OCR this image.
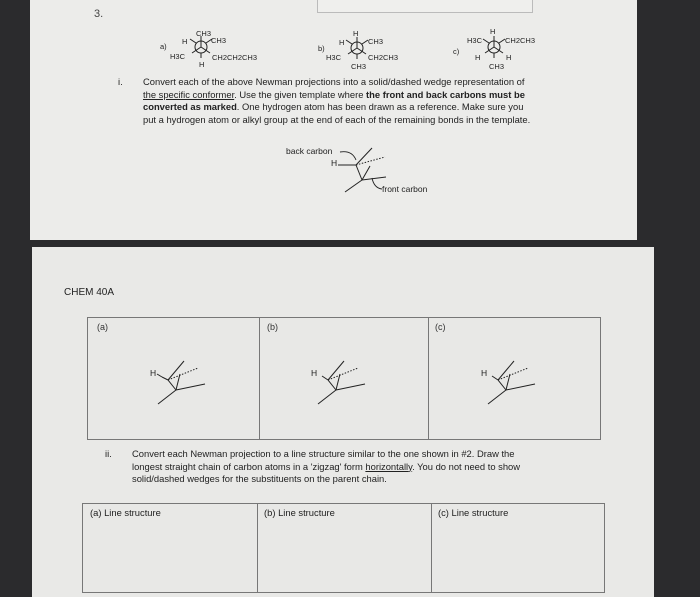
3.
a)
CH3
H	CH3
H3C	CH2CH2CH3
H
b)
H
H	CH3
H3C	CH2CH3
CH3
c)
H
H3C	CH2CH3
H	H
CH3
i. Convert each of the above Newman projections into a solid/dashed wedge representation of
the specific conformer. Use the given template where the front and back carbons must be
converted as marked. One hydrogen atom has been drawn as a reference. Make sure you
put a hydrogen atom or alkyl group at the end of each of the remaining bonds in the template.
back carbon
front carbon
H
CHEM 40A
(a)
H
(b)
H
(c)
H
ii. Convert each Newman projection to a line structure similar to the one shown in #2. Draw the
longest straight chain of carbon atoms in a 'zigzag' form horizontally. You do not need to show
solid/dashed wedges for the substituents on the parent chain.
(a) Line structure	(b) Line structure	(c) Line structure
